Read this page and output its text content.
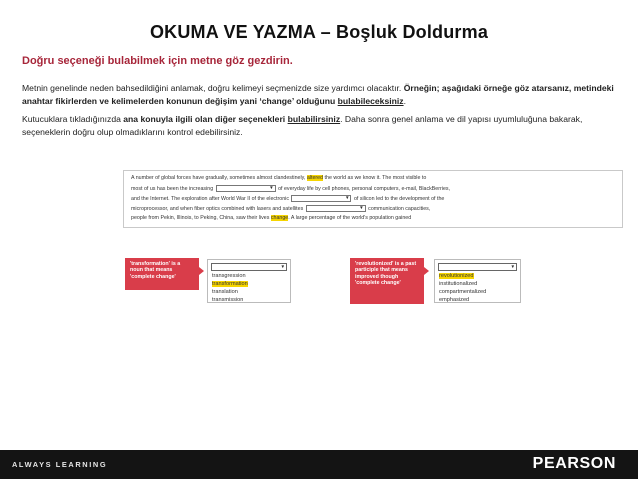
OKUMA VE YAZMA – Boşluk Doldurma
Doğru seçeneği bulabilmek için metne göz gezdirin.
Metnin genelinde neden bahsedildiğini anlamak, doğru kelimeyi seçmenizde size yardımcı olacaktır. Örneğin; aşağıdaki örneğe göz atarsanız, metindeki anahtar fikirlerden ve kelimelerden konunun değişim yani ‘change’ olduğunu bulabileceksiniz.
Kutucuklara tıkladığınızda ana konuyla ilgili olan diğer seçenekleri bulabilirsiniz. Daha sonra genel anlama ve dil yapısı uyumluluğuna bakarak, seçeneklerin doğru olup olmadıklarını kontrol edebilirsiniz.
A number of global forces have gradually, sometimes almost clandestinely, altered the world as we know it. The most visible to
most of us has been the increasing	▼ of everyday life by cell phones, personal computers, e-mail, BlackBerries,
and the Internet. The exploration after World War II of the electronic	▼ of silicon led to the development of the
microprocessor, and when fiber optics combined with lasers and satellites	▼ communication capacities,
people from Pekin, Illinois, to Peking, China, saw their lives change. A large percentage of the world's population gained
'transformation' is a noun that means 'complete change'
▼
transgression
transformation
translation
transmission
'revolutionized' is a past participle that means improved though 'complete change'
▼
revolutionized
institutionalized
compartmentalized
emphasized
ALWAYS LEARNING	PEARSON
